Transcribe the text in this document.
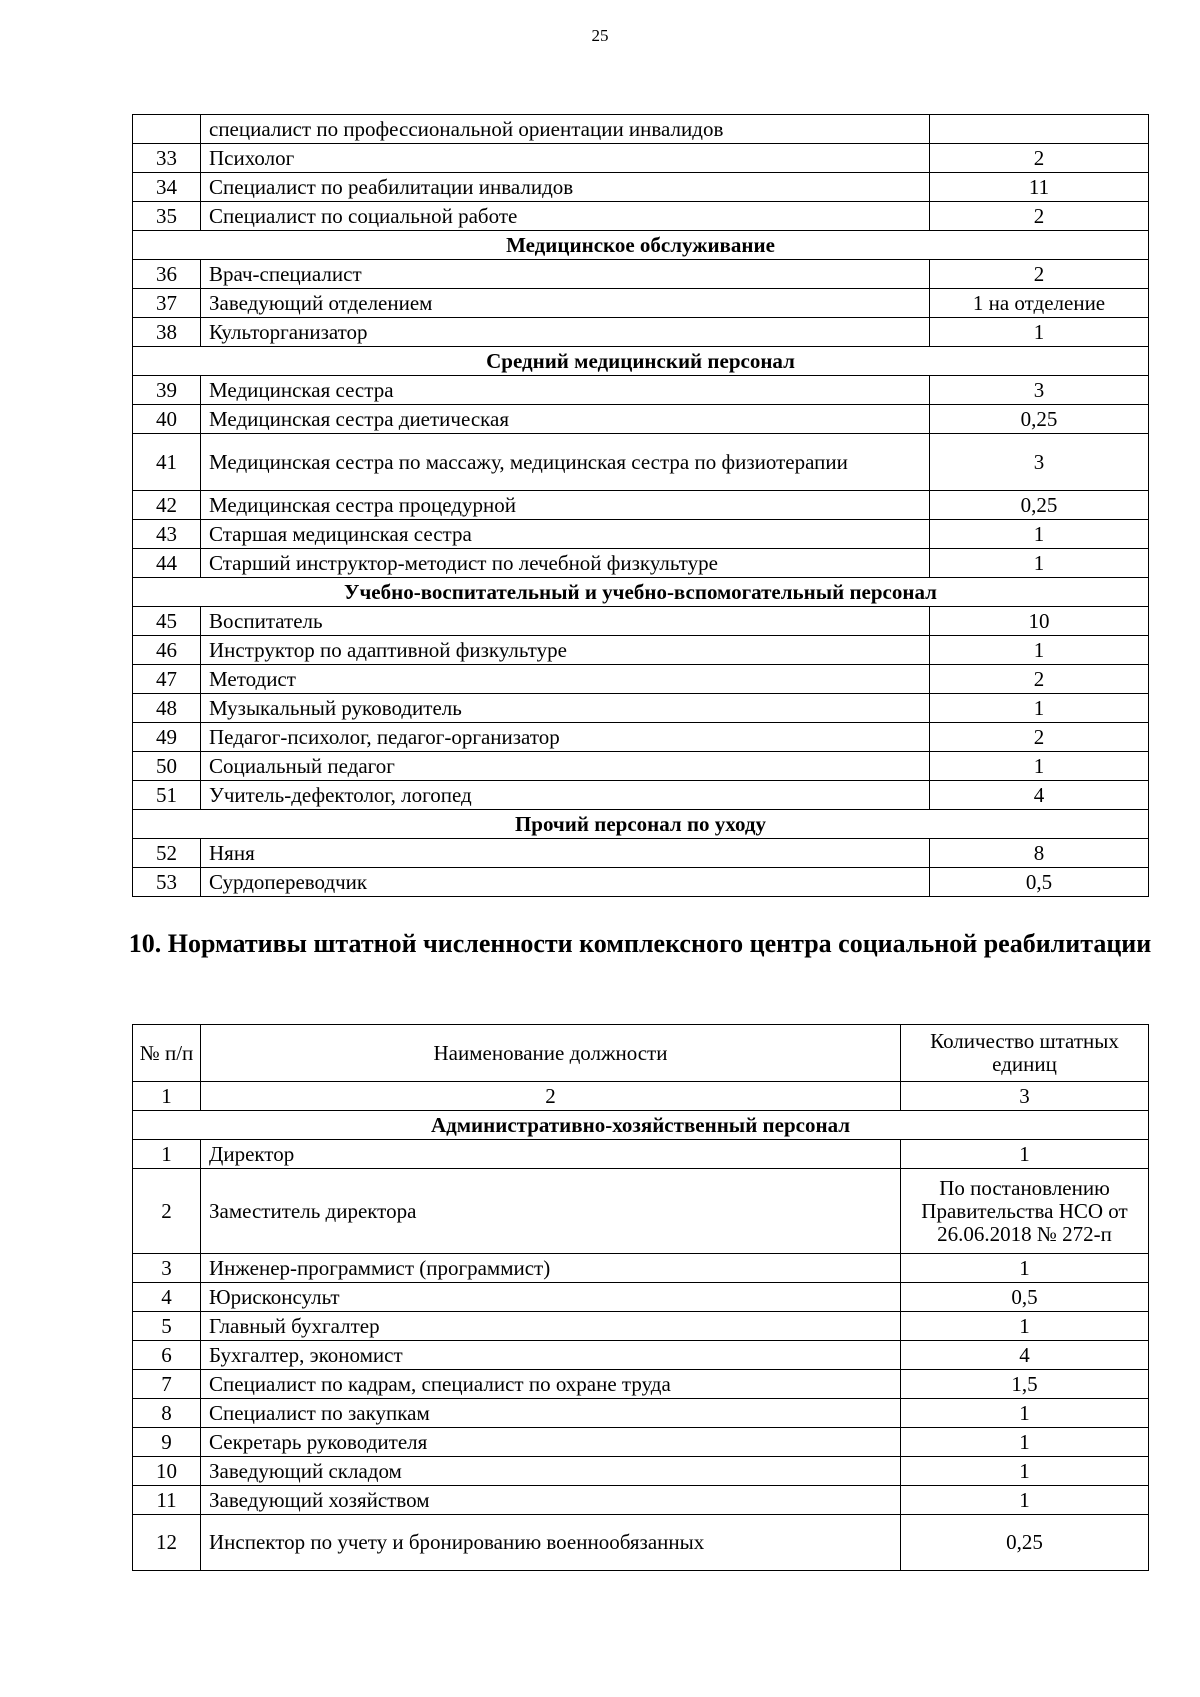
25
	специалист по профессиональной ориентации инвалидов	
33	Психолог	2
34	Специалист по реабилитации инвалидов	11
35	Специалист по социальной работе	2
Медицинское обслуживание		
36	Врач-специалист	2
37	Заведующий отделением	1 на отделение
38	Культорганизатор	1
Средний медицинский персонал		
39	Медицинская сестра	3
40	Медицинская сестра диетическая	0,25
41	Медицинская сестра по массажу, медицинская сестра по физиотерапии	3
42	Медицинская сестра процедурной	0,25
43	Старшая медицинская сестра	1
44	Старший инструктор-методист по лечебной физкультуре	1
Учебно-воспитательный и учебно-вспомогательный персонал		
45	Воспитатель	10
46	Инструктор по адаптивной физкультуре	1
47	Методист	2
48	Музыкальный руководитель	1
49	Педагог-психолог, педагог-организатор	2
50	Социальный педагог	1
51	Учитель-дефектолог, логопед	4
Прочий персонал по уходу		
52	Няня	8
53	Сурдопереводчик	0,5
10. Нормативы штатной численности комплексного центра социальной реабилитации
№ п/п	Наименование должности	Количество штатных единиц
1	2	3
Административно-хозяйственный персонал		
1	Директор	1
2	Заместитель директора	По постановлению Правительства НСО от 26.06.2018 № 272-п
3	Инженер-программист (программист)	1
4	Юрисконсульт	0,5
5	Главный бухгалтер	1
6	Бухгалтер, экономист	4
7	Специалист по кадрам, специалист по охране труда	1,5
8	Специалист по закупкам	1
9	Секретарь руководителя	1
10	Заведующий складом	1
11	Заведующий хозяйством	1
12	Инспектор по учету и бронированию военнообязанных	0,25
